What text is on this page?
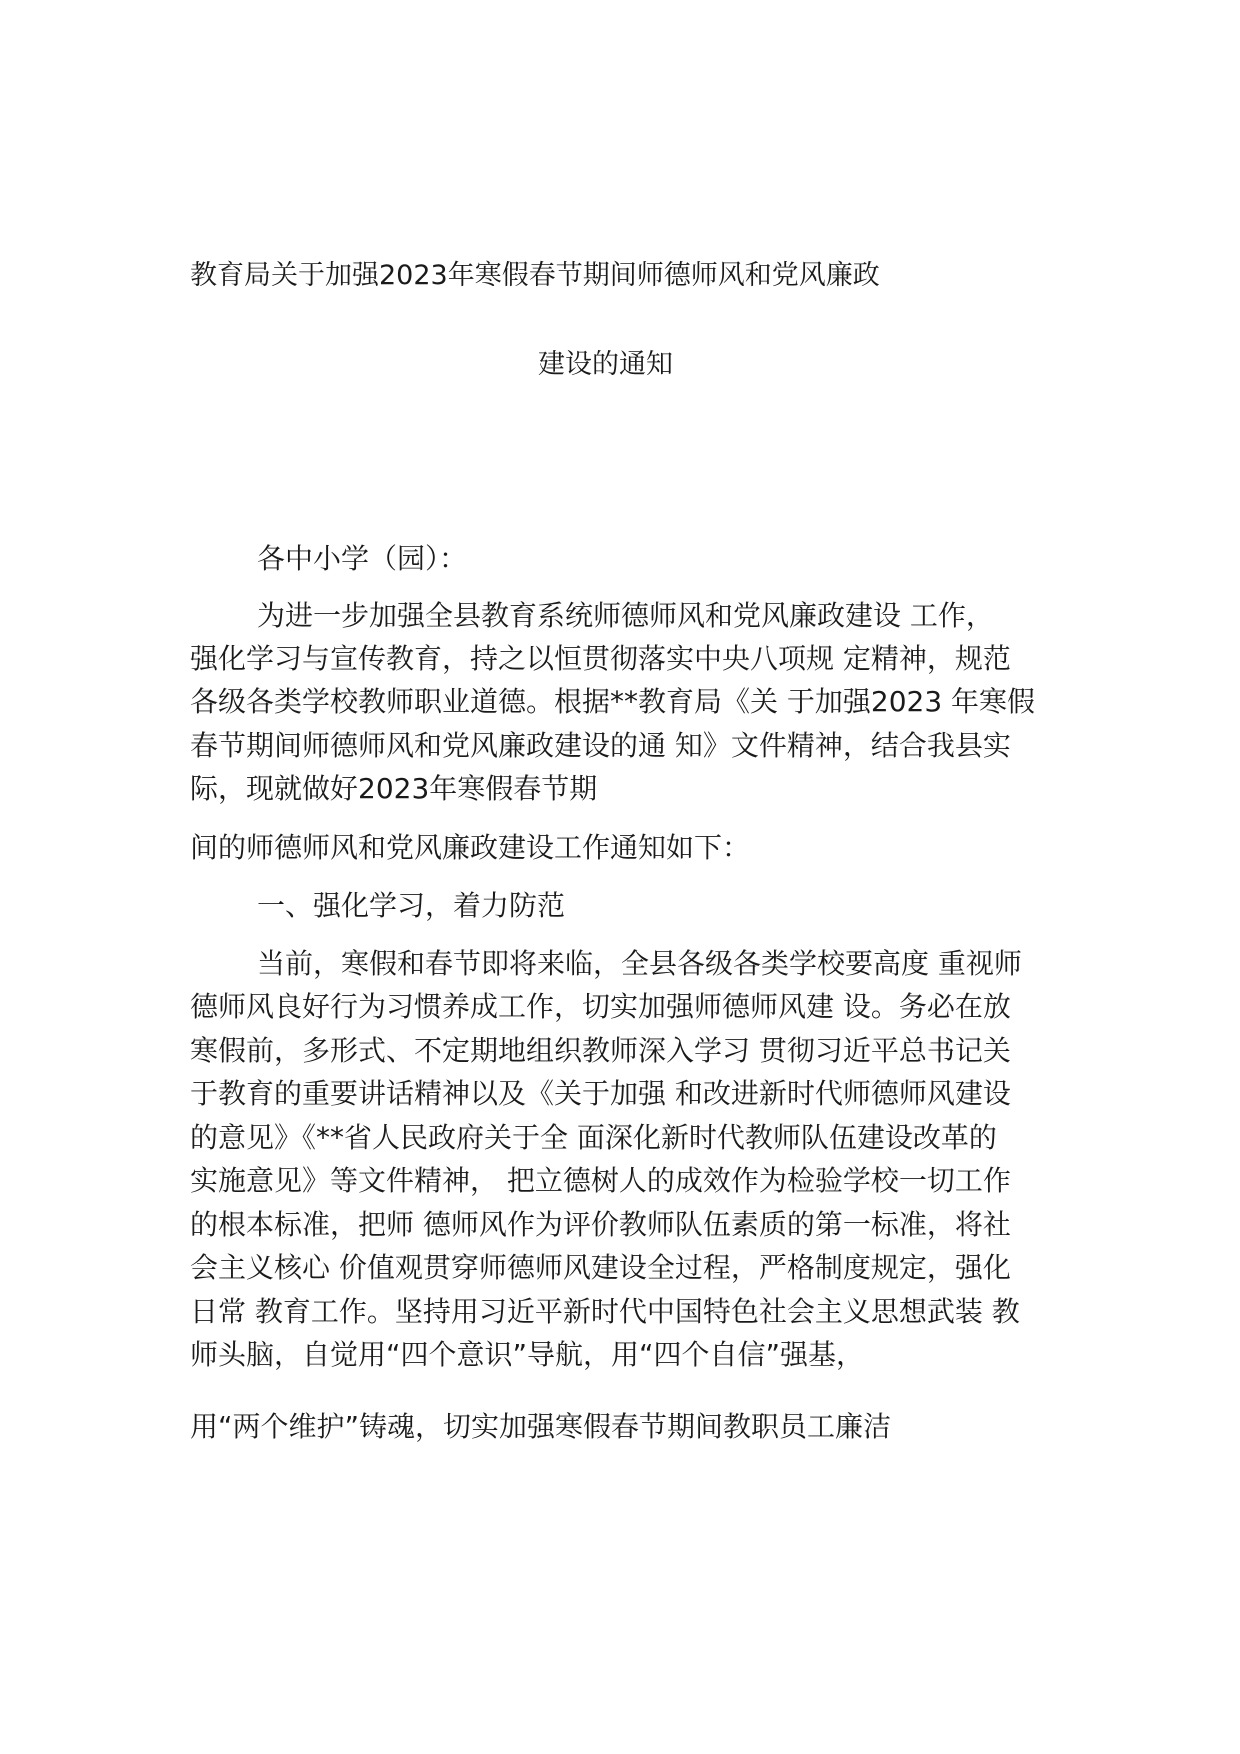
教育局关于加强2023年寒假春节期间师德师风和党风廉政
建设的通知
各中小学（园）：
为进一步加强全县教育系统师德师风和党风廉政建设 工作，
强化学习与宣传教育，持之以恒贯彻落实中央八项规 定精神，规范
各级各类学校教师职业道德。根据**教育局《关 于加强2023 年寒假
春节期间师德师风和党风廉政建设的通 知》文件精神，结合我县实
际，现就做好2023年寒假春节期
间的师德师风和党风廉政建设工作通知如下：
一、强化学习，着力防范
当前，寒假和春节即将来临，全县各级各类学校要高度 重视师
德师风良好行为习惯养成工作，切实加强师德师风建 设。务必在放
寒假前，多形式、不定期地组织教师深入学习 贯彻习近平总书记关
于教育的重要讲话精神以及《关于加强 和改进新时代师德师风建设
的意见》《**省人民政府关于全 面深化新时代教师队伍建设改革的
实施意见》等文件精神， 把立德树人的成效作为检验学校一切工作
的根本标准，把师 德师风作为评价教师队伍素质的第一标准，将社
会主义核心 价值观贯穿师德师风建设全过程，严格制度规定，强化
日常 教育工作。坚持用习近平新时代中国特色社会主义思想武装 教
师头脑，自觉用“四个意识”导航，用“四个自信”强基，
用“两个维护”铸魂，切实加强寒假春节期间教职员工廉洁
